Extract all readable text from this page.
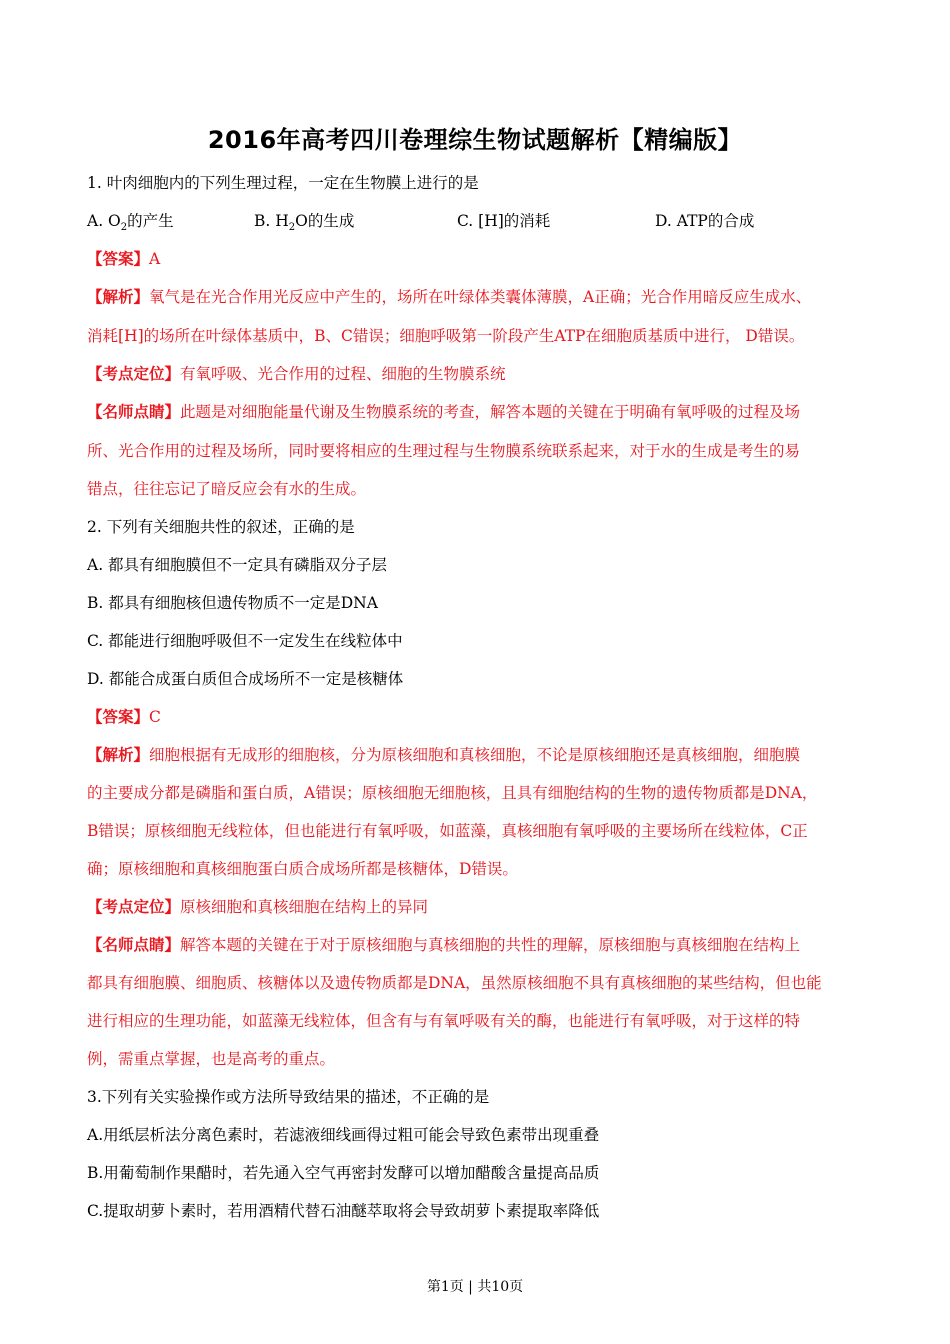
2016年高考四川卷理综生物试题解析【精编版】
1. 叶肉细胞内的下列生理过程，一定在生物膜上进行的是
A. $O_2$的产生	B. $H_2O$的生成	C. [H]的消耗	D. ATP的合成
【答案】A
【解析】氧气是在光合作用光反应中产生的，场所在叶绿体类囊体薄膜，A正确；光合作用暗反应生成水、
消耗[H]的场所在叶绿体基质中，B、C错误；细胞呼吸第一阶段产生ATP在细胞质基质中进行， D错误。
【考点定位】有氧呼吸、光合作用的过程、细胞的生物膜系统
【名师点睛】此题是对细胞能量代谢及生物膜系统的考查，解答本题的关键在于明确有氧呼吸的过程及场
所、光合作用的过程及场所，同时要将相应的生理过程与生物膜系统联系起来，对于水的生成是考生的易
错点，往往忘记了暗反应会有水的生成。
2. 下列有关细胞共性的叙述，正确的是
A. 都具有细胞膜但不一定具有磷脂双分子层
B. 都具有细胞核但遗传物质不一定是DNA
C. 都能进行细胞呼吸但不一定发生在线粒体中
D. 都能合成蛋白质但合成场所不一定是核糖体
【答案】C
【解析】细胞根据有无成形的细胞核，分为原核细胞和真核细胞，不论是原核细胞还是真核细胞，细胞膜
的主要成分都是磷脂和蛋白质，A错误；原核细胞无细胞核，且具有细胞结构的生物的遗传物质都是DNA，
B错误；原核细胞无线粒体，但也能进行有氧呼吸，如蓝藻，真核细胞有氧呼吸的主要场所在线粒体，C正
确；原核细胞和真核细胞蛋白质合成场所都是核糖体，D错误。
【考点定位】原核细胞和真核细胞在结构上的异同
【名师点睛】解答本题的关键在于对于原核细胞与真核细胞的共性的理解，原核细胞与真核细胞在结构上
都具有细胞膜、细胞质、核糖体以及遗传物质都是DNA，虽然原核细胞不具有真核细胞的某些结构，但也能
进行相应的生理功能，如蓝藻无线粒体，但含有与有氧呼吸有关的酶，也能进行有氧呼吸，对于这样的特
例，需重点掌握，也是高考的重点。
3.下列有关实验操作或方法所导致结果的描述，不正确的是
A.用纸层析法分离色素时，若滤液细线画得过粗可能会导致色素带出现重叠
B.用葡萄制作果醋时，若先通入空气再密封发酵可以增加醋酸含量提高品质
C.提取胡萝卜素时，若用酒精代替石油醚萃取将会导致胡萝卜素提取率降低
第1页 | 共10页
